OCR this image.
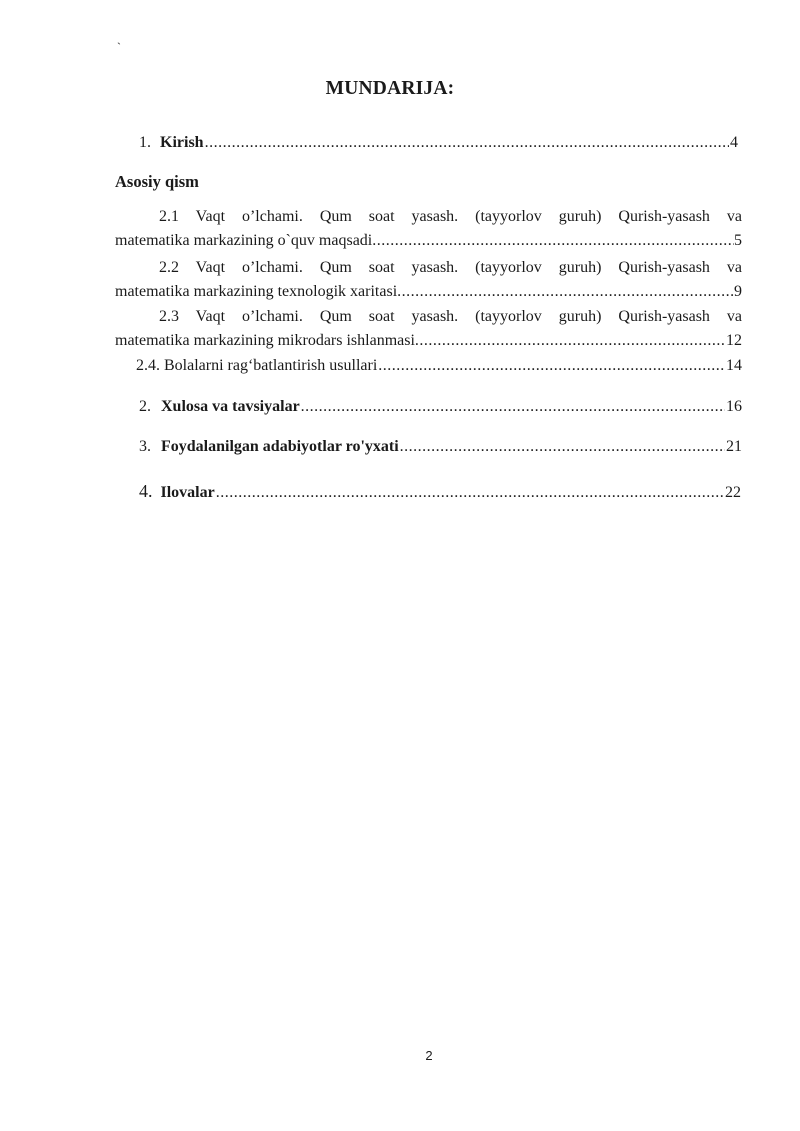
`
MUNDARIJA:
1. Kirish .....	4
Asosiy qism
2.1 Vaqt o’lchami. Qum soat yasash. (tayyorlov guruh) Qurish-yasash va
matematika markazining o`quv maqsadi .....	5
2.2 Vaqt o’lchami. Qum soat yasash. (tayyorlov guruh) Qurish-yasash va
matematika markazining texnologik xaritasi .....	9
2.3 Vaqt o’lchami. Qum soat yasash. (tayyorlov guruh) Qurish-yasash va
matematika markazining mikrodars ishlanmasi .....	12
2.4. Bolalarni rag‘batlantirish usullari .....	14
2. Xulosa va tavsiyalar .....	16
3. Foydalanilgan adabiyotlar ro'yxati .....	21
4. Ilovalar .....	22
2
